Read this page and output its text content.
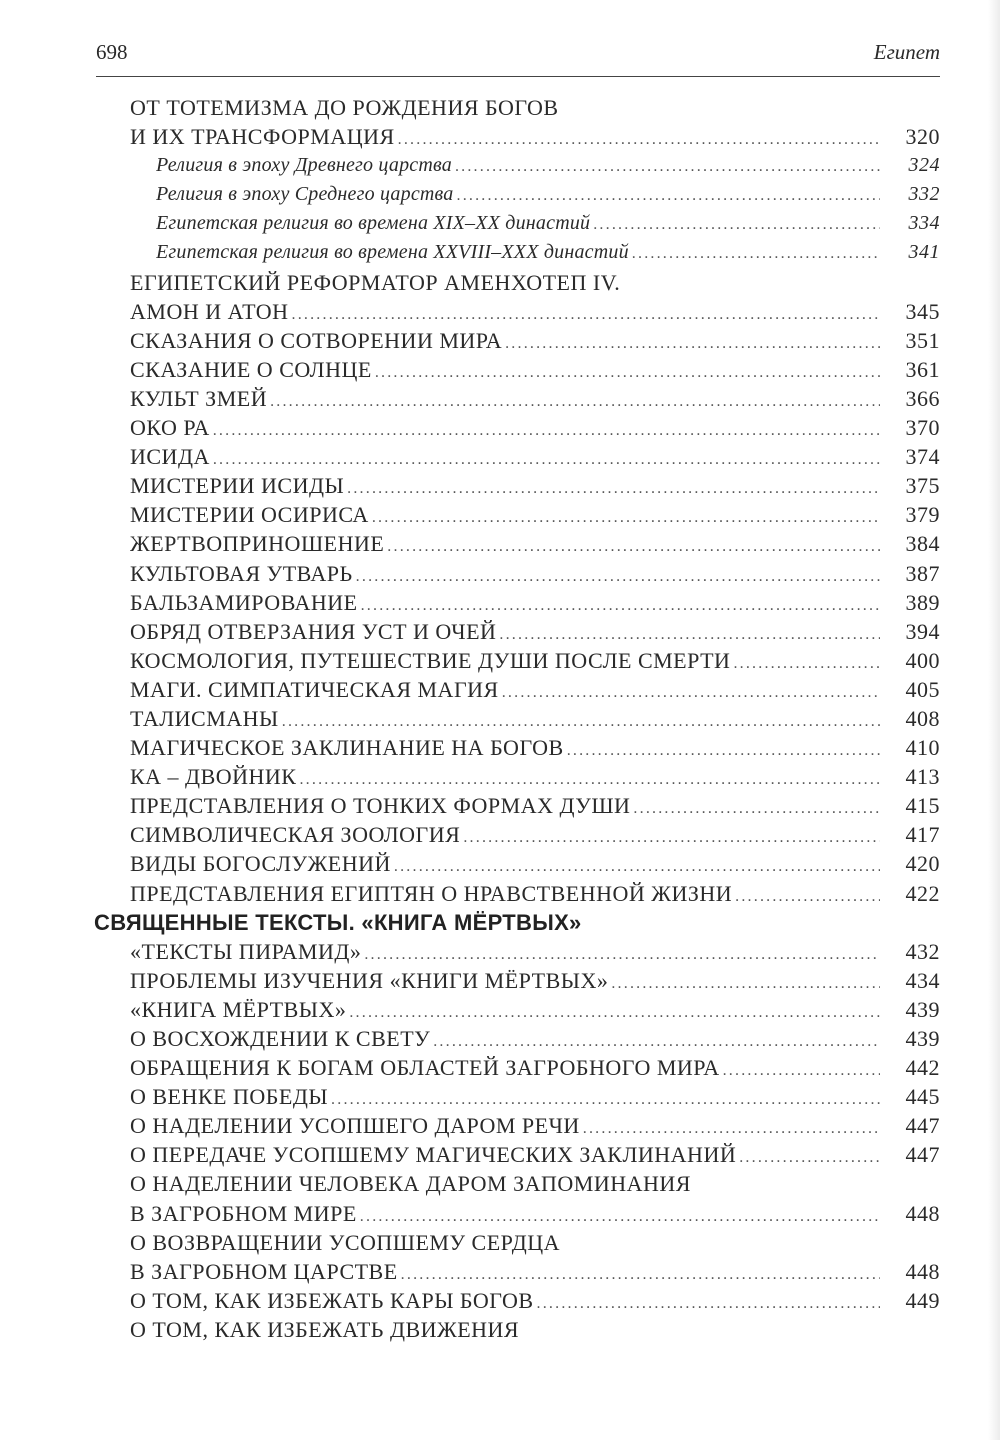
698	Египет
ОТ ТОТЕМИЗМА ДО РОЖДЕНИЯ БОГОВ
И ИХ ТРАНСФОРМАЦИЯ .....	320
Религия в эпоху Древнего царства .....	324
Религия в эпоху Среднего царства .....	332
Египетская религия во времена XIX–XX династий .....	334
Египетская религия во времена XXVIII–XXX династий .....	341
ЕГИПЕТСКИЙ РЕФОРМАТОР АМЕНХОТЕП IV.
АМОН И АТОН .....	345
СКАЗАНИЯ О СОТВОРЕНИИ МИРА .....	351
СКАЗАНИЕ О СОЛНЦЕ .....	361
КУЛЬТ ЗМЕЙ .....	366
ОКО РА .....	370
ИСИДА .....	374
МИСТЕРИИ ИСИДЫ .....	375
МИСТЕРИИ ОСИРИСА .....	379
ЖЕРТВОПРИНОШЕНИЕ .....	384
КУЛЬТОВАЯ УТВАРЬ .....	387
БАЛЬЗАМИРОВАНИЕ .....	389
ОБРЯД ОТВЕРЗАНИЯ УСТ И ОЧЕЙ .....	394
КОСМОЛОГИЯ, ПУТЕШЕСТВИЕ ДУШИ ПОСЛЕ СМЕРТИ .....	400
МАГИ. СИМПАТИЧЕСКАЯ МАГИЯ .....	405
ТАЛИСМАНЫ .....	408
МАГИЧЕСКОЕ ЗАКЛИНАНИЕ НА БОГОВ .....	410
КА – ДВОЙНИК .....	413
ПРЕДСТАВЛЕНИЯ О ТОНКИХ ФОРМАХ ДУШИ .....	415
СИМВОЛИЧЕСКАЯ ЗООЛОГИЯ .....	417
ВИДЫ БОГОСЛУЖЕНИЙ .....	420
ПРЕДСТАВЛЕНИЯ ЕГИПТЯН О НРАВСТВЕННОЙ ЖИЗНИ .....	422
СВЯЩЕННЫЕ ТЕКСТЫ. «КНИГА МЁРТВЫХ»
«ТЕКСТЫ ПИРАМИД» .....	432
ПРОБЛЕМЫ ИЗУЧЕНИЯ «КНИГИ МЁРТВЫХ» .....	434
«КНИГА МЁРТВЫХ» .....	439
О ВОСХОЖДЕНИИ К СВЕТУ .....	439
ОБРАЩЕНИЯ К БОГАМ ОБЛАСТЕЙ ЗАГРОБНОГО МИРА .....	442
О ВЕНКЕ ПОБЕДЫ .....	445
О НАДЕЛЕНИИ УСОПШЕГО ДАРОМ РЕЧИ .....	447
О ПЕРЕДАЧЕ УСОПШЕМУ МАГИЧЕСКИХ ЗАКЛИНАНИЙ .....	447
О НАДЕЛЕНИИ ЧЕЛОВЕКА ДАРОМ ЗАПОМИНАНИЯ
В ЗАГРОБНОМ МИРЕ .....	448
О ВОЗВРАЩЕНИИ УСОПШЕМУ СЕРДЦА
В ЗАГРОБНОМ ЦАРСТВЕ .....	448
О ТОМ, КАК ИЗБЕЖАТЬ КАРЫ БОГОВ .....	449
О ТОМ, КАК ИЗБЕЖАТЬ ДВИЖЕНИЯ
